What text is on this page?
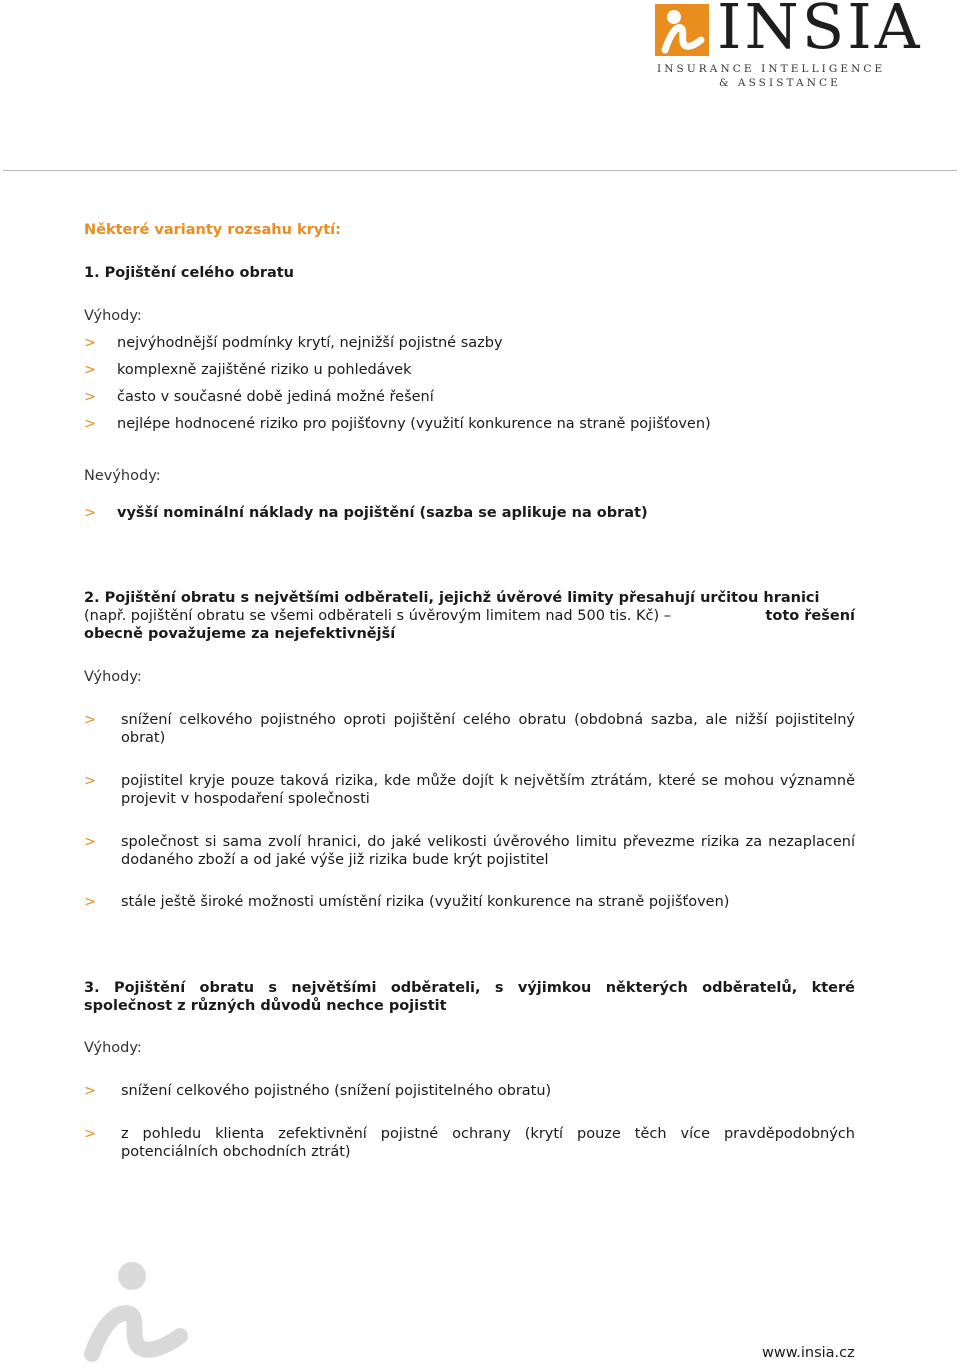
INSIA
INSURANCE INTELLIGENCE
& ASSISTANCE
Některé varianty rozsahu krytí:
1. Pojištění celého obratu
Výhody:
> nejvýhodnější podmínky krytí, nejnižší pojistné sazby
> komplexně zajištěné riziko u pohledávek
> často v současné době jediná možné řešení
> nejlépe hodnocené riziko pro pojišťovny (využití konkurence na straně pojišťoven)
Nevýhody:
> vyšší nominální náklady na pojištění (sazba se aplikuje na obrat)
2. Pojištění obratu s největšími odběrateli, jejichž úvěrové limity přesahují určitou hranici
(např. pojištění obratu se všemi odběrateli s úvěrovým limitem nad 500 tis. Kč) –	toto řešení
obecně považujeme za nejefektivnější
Výhody:
> snížení celkového pojistného oproti pojištění celého obratu (obdobná sazba, ale nižší pojistitelný obrat)
> pojistitel kryje pouze taková rizika, kde může dojít k největším ztrátám, které se mohou významně projevit v hospodaření společnosti
> společnost si sama zvolí hranici, do jaké velikosti úvěrového limitu převezme rizika za nezaplacení dodaného zboží a od jaké výše již rizika bude krýt pojistitel
> stále ještě široké možnosti umístění rizika (využití konkurence na straně pojišťoven)
3. Pojištění obratu s největšími odběrateli, s výjimkou některých odběratelů, které společnost z různých důvodů nechce pojistit
Výhody:
> snížení celkového pojistného (snížení pojistitelného obratu)
> z pohledu klienta zefektivnění pojistné ochrany (krytí pouze těch více pravděpodobných potenciálních obchodních ztrát)
www.insia.cz
